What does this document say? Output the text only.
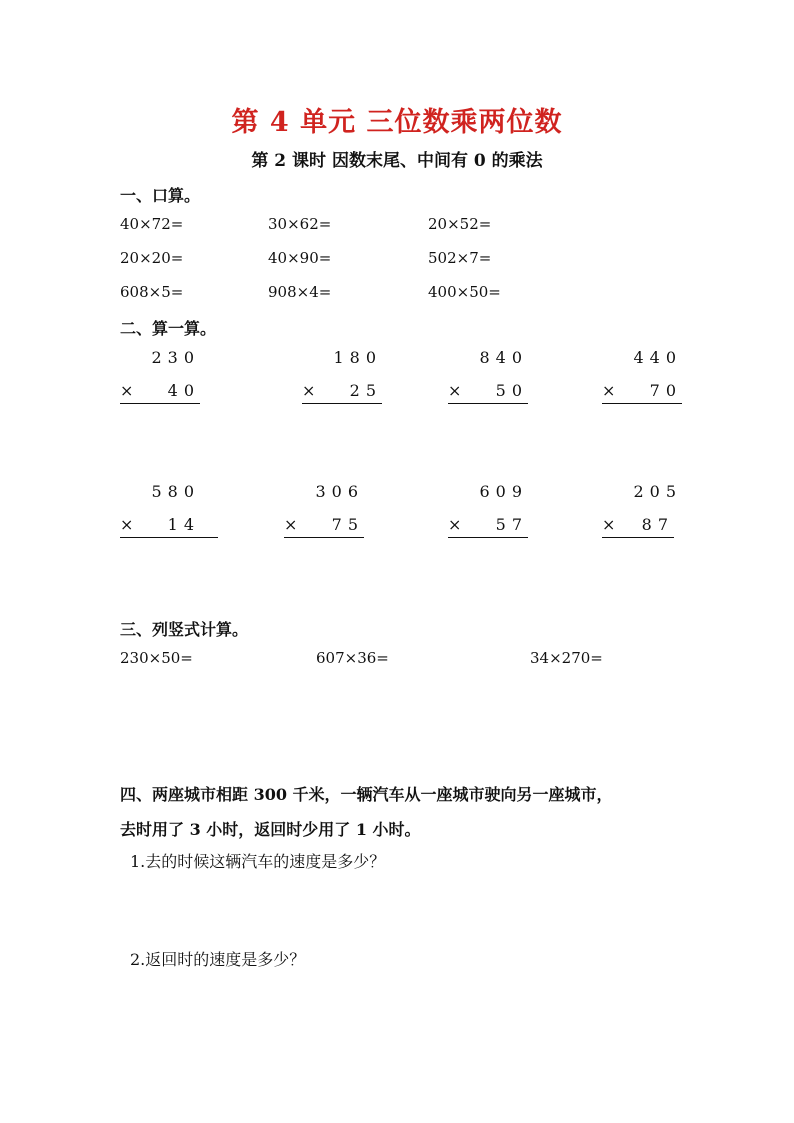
第 4 单元 三位数乘两位数
第 2 课时 因数末尾、中间有 0 的乘法
一、口算。
40×72=	30×62=	20×52=
20×20=	40×90=	502×7=
608×5=	908×4=	400×50=
二、算一算。
230
× 40
180
× 25
840
× 50
440
× 70
580
× 14
306
× 75
609
× 57
205
× 87
三、列竖式计算。
230×50=	607×36=	34×270=
四、两座城市相距 300 千米，一辆汽车从一座城市驶向另一座城市，
去时用了 3 小时，返回时少用了 1 小时。
1.去的时候这辆汽车的速度是多少？
2.返回时的速度是多少？
